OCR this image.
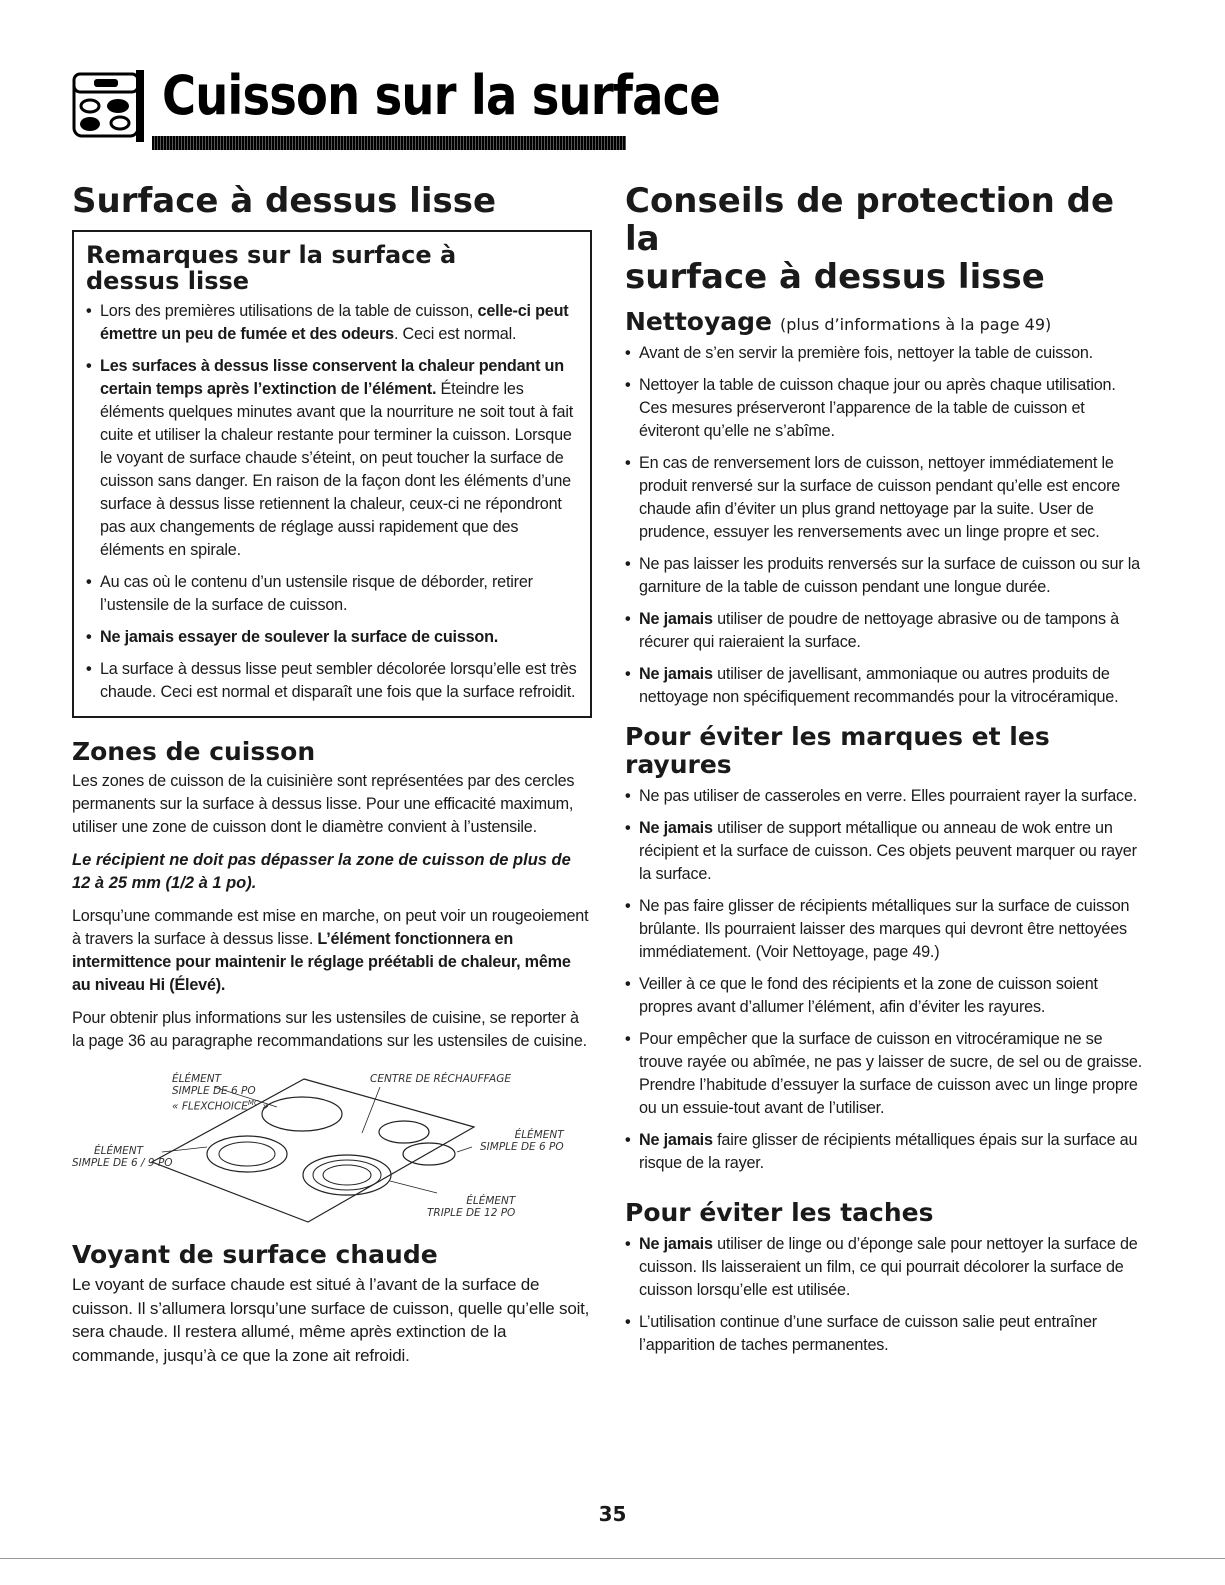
Cuisson sur la surface
Surface à dessus lisse
Remarques sur la surface à
dessus lisse
• Lors des premières utilisations de la table de cuisson, celle-ci peut émettre un peu de fumée et des odeurs. Ceci est normal.
• Les surfaces à dessus lisse conservent la chaleur pendant un certain temps après l’extinction de l’élément. Éteindre les éléments quelques minutes avant que la nourriture ne soit tout à fait cuite et utiliser la chaleur restante pour terminer la cuisson. Lorsque le voyant de surface chaude s’éteint, on peut toucher la surface de cuisson sans danger. En raison de la façon dont les éléments d’une surface à dessus lisse retiennent la chaleur, ceux-ci ne répondront pas aux changements de réglage aussi rapidement que des éléments en spirale.
• Au cas où le contenu d’un ustensile risque de déborder, retirer l’ustensile de la surface de cuisson.
• Ne jamais essayer de soulever la surface de cuisson.
• La surface à dessus lisse peut sembler décolorée lorsqu’elle est très chaude. Ceci est normal et disparaît une fois que la surface refroidit.
Zones de cuisson

Les zones de cuisson de la cuisinière sont représentées par des cercles permanents sur la surface à dessus lisse. Pour une efficacité maximum, utiliser une zone de cuisson dont le diamètre convient à l’ustensile.

Le récipient ne doit pas dépasser la zone de cuisson de plus de 12 à 25 mm (1/2 à 1 po).

Lorsqu’une commande est mise en marche, on peut voir un rougeoiement à travers la surface à dessus lisse. L’élément fonctionnera en intermittence pour maintenir le réglage préétabli de chaleur, même au niveau Hi (Élevé).

Pour obtenir plus informations sur les ustensiles de cuisine, se reporter à la page 36 au paragraphe recommandations sur les ustensiles de cuisine.

ÉLÉMENT
SIMPLE DE 6 PO
« $FLEXCHOICE^{MC}$ »
ÉLÉMENT
SIMPLE DE 6 / 9 PO
CENTRE DE RÉCHAUFFAGE
ÉLÉMENT
SIMPLE DE 6 PO
ÉLÉMENT
TRIPLE DE 12 PO
Voyant de surface chaude

Le voyant de surface chaude est situé à l’avant de la surface de cuisson. Il s’allumera lorsqu’une surface de cuisson, quelle qu’elle soit, sera chaude. Il restera allumé, même après extinction de la commande, jusqu’à ce que la zone ait refroidi.

Conseils de protection de la
surface à dessus lisse
Nettoyage (plus d’informations à la page 49)
• Avant de s’en servir la première fois, nettoyer la table de cuisson.
• Nettoyer la table de cuisson chaque jour ou après chaque utilisation. Ces mesures préserveront l’apparence de la table de cuisson et éviteront qu’elle ne s’abîme.
• En cas de renversement lors de cuisson, nettoyer immédiatement le produit renversé sur la surface de cuisson pendant qu’elle est encore chaude afin d’éviter un plus grand nettoyage par la suite. User de prudence, essuyer les renversements avec un linge propre et sec.
• Ne pas laisser les produits renversés sur la surface de cuisson ou sur la garniture de la table de cuisson pendant une longue durée.
• Ne jamais utiliser de poudre de nettoyage abrasive ou de tampons à récurer qui raieraient la surface.
• Ne jamais utiliser de javellisant, ammoniaque ou autres produits de nettoyage non spécifiquement recommandés pour la vitrocéramique.
Pour éviter les marques et les rayures
• Ne pas utiliser de casseroles en verre. Elles pourraient rayer la surface.
• Ne jamais utiliser de support métallique ou anneau de wok entre un récipient et la surface de cuisson. Ces objets peuvent marquer ou rayer la surface.
• Ne pas faire glisser de récipients métalliques sur la surface de cuisson brûlante. Ils pourraient laisser des marques qui devront être nettoyées immédiatement. (Voir Nettoyage, page 49.)
• Veiller à ce que le fond des récipients et la zone de cuisson soient propres avant d’allumer l’élément, afin d’éviter les rayures.
• Pour empêcher que la surface de cuisson en vitrocéramique ne se trouve rayée ou abîmée, ne pas y laisser de sucre, de sel ou de graisse. Prendre l’habitude d’essuyer la surface de cuisson avec un linge propre ou un essuie-tout avant de l’utiliser.
• Ne jamais faire glisser de récipients métalliques épais sur la surface au risque de la rayer.
Pour éviter les taches
• Ne jamais utiliser de linge ou d’éponge sale pour nettoyer la surface de cuisson. Ils laisseraient un film, ce qui pourrait décolorer la surface de cuisson lorsqu’elle est utilisée.
• L’utilisation continue d’une surface de cuisson salie peut entraîner l’apparition de taches permanentes.
35
